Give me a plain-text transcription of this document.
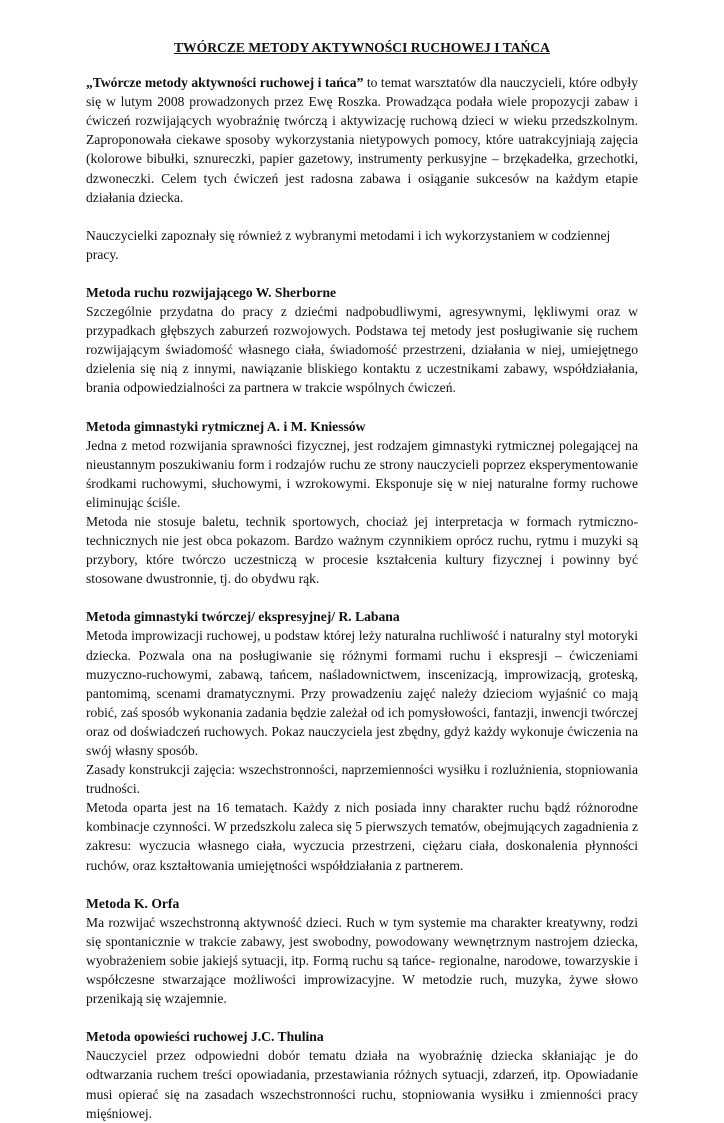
TWÓRCZE METODY AKTYWNOŚCI RUCHOWEJ I TAŃCA

„Twórcze metody aktywności ruchowej i tańca” to temat warsztatów dla nauczycieli, które odbyły się w lutym 2008 prowadzonych przez Ewę Roszka. Prowadząca podała wiele propozycji zabaw i ćwiczeń rozwijających wyobraźnię twórczą i aktywizację ruchową dzieci w wieku przedszkolnym. Zaproponowała ciekawe sposoby wykorzystania nietypowych pomocy, które uatrakcyjniają zajęcia (kolorowe bibułki, sznureczki, papier gazetowy, instrumenty perkusyjne – brzękadełka, grzechotki, dzwoneczki. Celem tych ćwiczeń jest radosna zabawa i osiąganie sukcesów na każdym etapie działania dziecka.

Nauczycielki zapoznały się również z wybranymi metodami i ich wykorzystaniem w codziennej pracy.

Metoda ruchu rozwijającego W. Sherborne

Szczególnie przydatna do pracy z dziećmi nadpobudliwymi, agresywnymi, lękliwymi oraz w przypadkach głębszych zaburzeń rozwojowych. Podstawa tej metody jest posługiwanie się ruchem rozwijającym świadomość własnego ciała, świadomość przestrzeni, działania w niej, umiejętnego dzielenia się nią z innymi, nawiązanie bliskiego kontaktu z uczestnikami zabawy, współdziałania, brania odpowiedzialności za partnera w trakcie wspólnych ćwiczeń.

Metoda gimnastyki rytmicznej A. i M. Kniessów

Jedna z metod rozwijania sprawności fizycznej, jest rodzajem gimnastyki rytmicznej polegającej na nieustannym poszukiwaniu form i rodzajów ruchu ze strony nauczycieli poprzez eksperymentowanie środkami ruchowymi, słuchowymi, i wzrokowymi. Eksponuje się w niej naturalne formy ruchowe eliminując ściśle.

Metoda nie stosuje baletu, technik sportowych, chociaż jej interpretacja w formach rytmiczno-technicznych nie jest obca pokazom. Bardzo ważnym czynnikiem oprócz ruchu, rytmu i muzyki są przybory, które twórczo uczestniczą w procesie kształcenia kultury fizycznej i powinny być stosowane dwustronnie, tj. do obydwu rąk.

Metoda gimnastyki twórczej/ ekspresyjnej/ R. Labana

Metoda improwizacji ruchowej, u podstaw której leży naturalna ruchliwość i naturalny styl motoryki dziecka. Pozwala ona na posługiwanie się różnymi formami ruchu i ekspresji – ćwiczeniami muzyczno-ruchowymi, zabawą, tańcem, naśladownictwem, inscenizacją, improwizacją, groteską, pantomimą, scenami dramatycznymi. Przy prowadzeniu zajęć należy dzieciom wyjaśnić co mają robić, zaś sposób wykonania zadania będzie zależał od ich pomysłowości, fantazji, inwencji twórczej oraz od doświadczeń ruchowych. Pokaz nauczyciela jest zbędny, gdyż każdy wykonuje ćwiczenia na swój własny sposób.

Zasady konstrukcji zajęcia: wszechstronności, naprzemienności wysiłku i rozluźnienia, stopniowania trudności.

Metoda oparta jest na 16 tematach. Każdy z nich posiada inny charakter ruchu bądź różnorodne kombinacje czynności. W przedszkolu zaleca się 5 pierwszych tematów, obejmujących zagadnienia z zakresu: wyczucia własnego ciała, wyczucia przestrzeni, ciężaru ciała, doskonalenia płynności ruchów, oraz kształtowania umiejętności współdziałania z partnerem.

Metoda K. Orfa

Ma rozwijać wszechstronną aktywność dzieci. Ruch w tym systemie ma charakter kreatywny, rodzi się spontanicznie w trakcie zabawy, jest swobodny, powodowany wewnętrznym nastrojem dziecka, wyobrażeniem sobie jakiejś sytuacji, itp. Formą ruchu są tańce- regionalne, narodowe, towarzyskie i współczesne stwarzające możliwości improwizacyjne. W metodzie ruch, muzyka, żywe słowo przenikają się wzajemnie.

Metoda opowieści ruchowej J.C. Thulina

Nauczyciel przez odpowiedni dobór tematu działa na wyobraźnię dziecka skłaniając je do odtwarzania ruchem treści opowiadania, przestawiania różnych sytuacji, zdarzeń, itp. Opowiadanie musi opierać się na zasadach wszechstronności ruchu, stopniowania wysiłku i zmienności pracy mięśniowej.
